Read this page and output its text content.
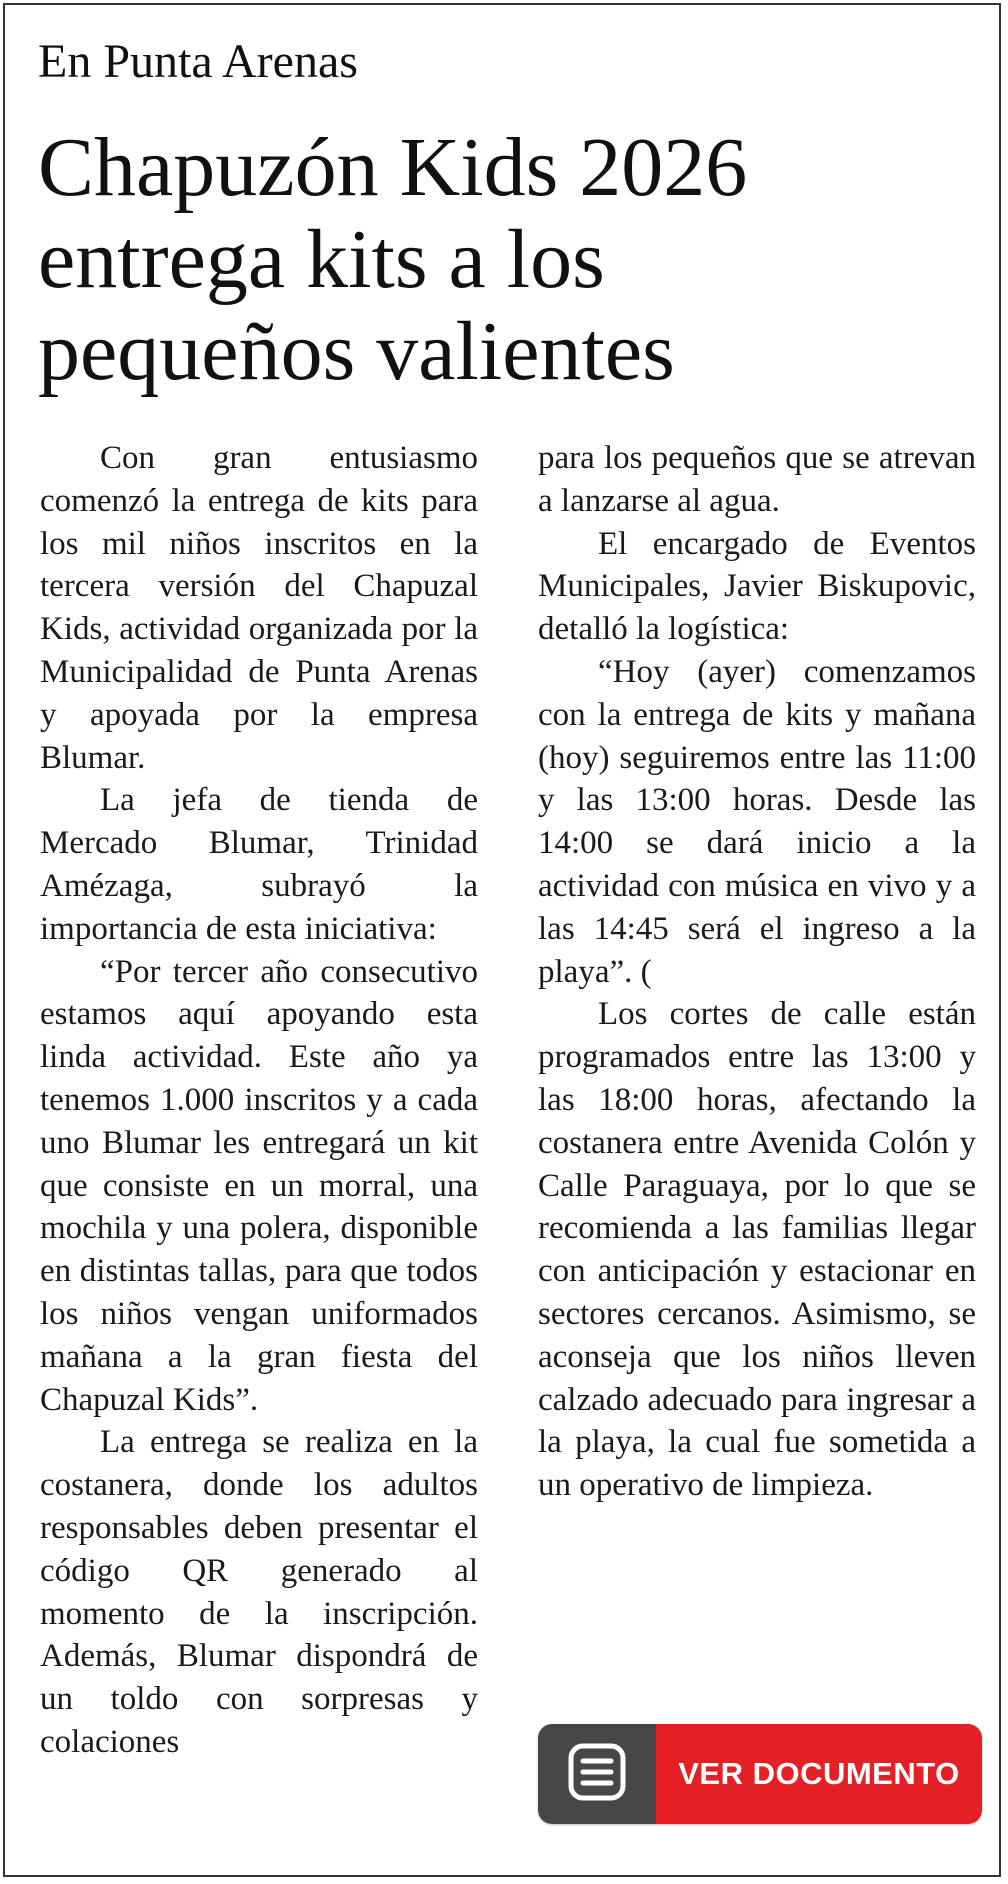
En Punta Arenas
Chapuzón Kids 2026
entrega kits a los
pequeños valientes

Con gran entusiasmo comenzó la entrega de kits para los mil niños inscritos en la tercera versión del Chapuzal Kids, actividad organizada por la Municipalidad de Punta Arenas y apoyada por la empresa Blumar.

La jefa de tienda de Mercado Blumar, Trinidad Amézaga, subrayó la importancia de esta iniciativa:

“Por tercer año consecutivo estamos aquí apoyando esta linda actividad. Este año ya tenemos 1.000 inscritos y a cada uno Blumar les entregará un kit que consiste en un morral, una mochila y una polera, disponible en distintas tallas, para que todos los niños vengan uniformados mañana a la gran fiesta del Chapuzal Kids”.

La entrega se realiza en la costanera, donde los adultos responsables deben presentar el código QR generado al momento de la inscripción. Además, Blumar dispondrá de un toldo con sorpresas y colaciones

para los pequeños que se atrevan a lanzarse al agua.

El encargado de Eventos Municipales, Javier Biskupovic, detalló la logística:

“Hoy (ayer) comenzamos con la entrega de kits y mañana (hoy) seguiremos entre las 11:00 y las 13:00 horas. Desde las 14:00 se dará inicio a la actividad con música en vivo y a las 14:45 será el ingreso a la playa”. (

Los cortes de calle están programados entre las 13:00 y las 18:00 horas, afectando la costanera entre Avenida Colón y Calle Paraguaya, por lo que se recomienda a las familias llegar con anticipación y estacionar en sectores cercanos. Asimismo, se aconseja que los niños lleven calzado adecuado para ingresar a la playa, la cual fue sometida a un operativo de limpieza.

VER DOCUMENTO
